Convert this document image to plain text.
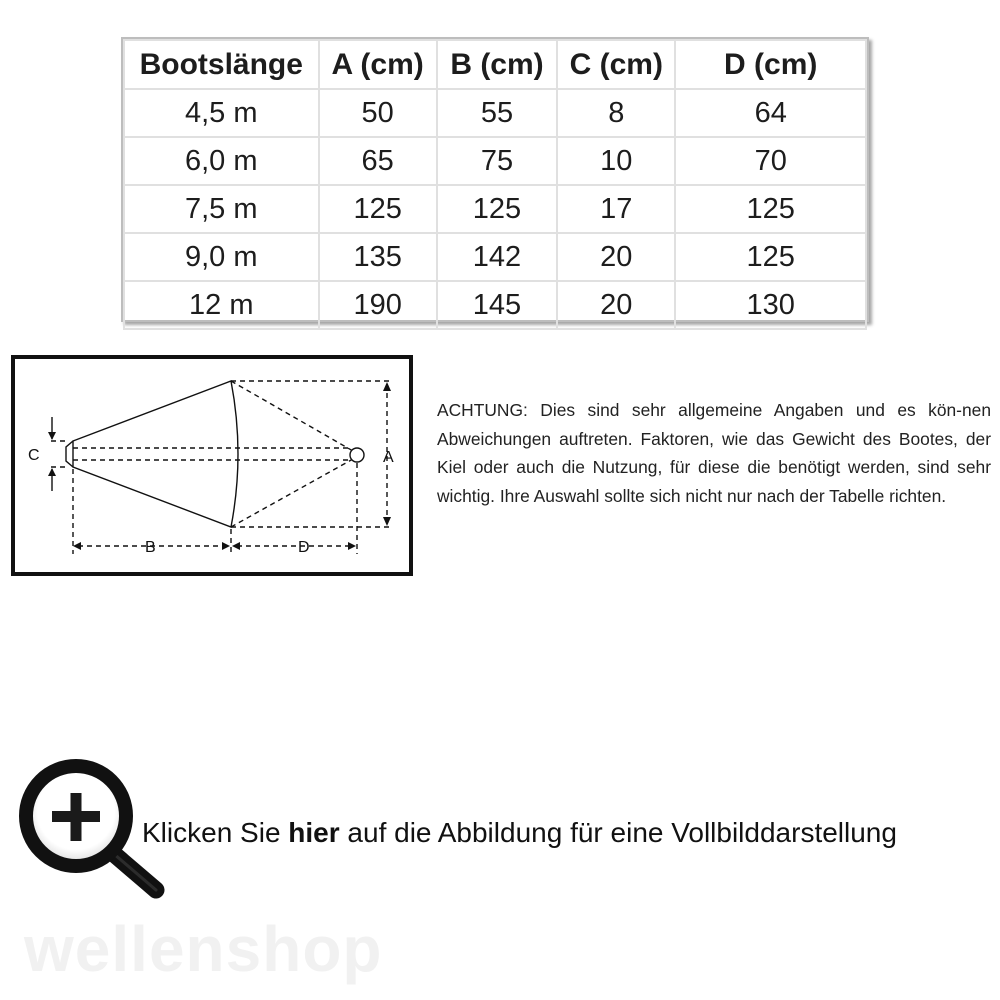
Bootslänge	A (cm)	B (cm)	C (cm)	D (cm)
4,5 m	50	55	8	64
6,0 m	65	75	10	70
7,5 m	125	125	17	125
9,0 m	135	142	20	125
12 m	190	145	20	130
C	A
B	D
ACHTUNG: Dies sind sehr allgemeine Angaben und es kön-nen Abweichungen auftreten. Faktoren, wie das Gewicht des Bootes, der Kiel oder auch die Nutzung, für diese die benötigt werden, sind sehr wichtig. Ihre Auswahl sollte sich nicht nur nach der Tabelle richten.
Klicken Sie hier auf die Abbildung für eine Vollbilddarstellung
wellenshop
